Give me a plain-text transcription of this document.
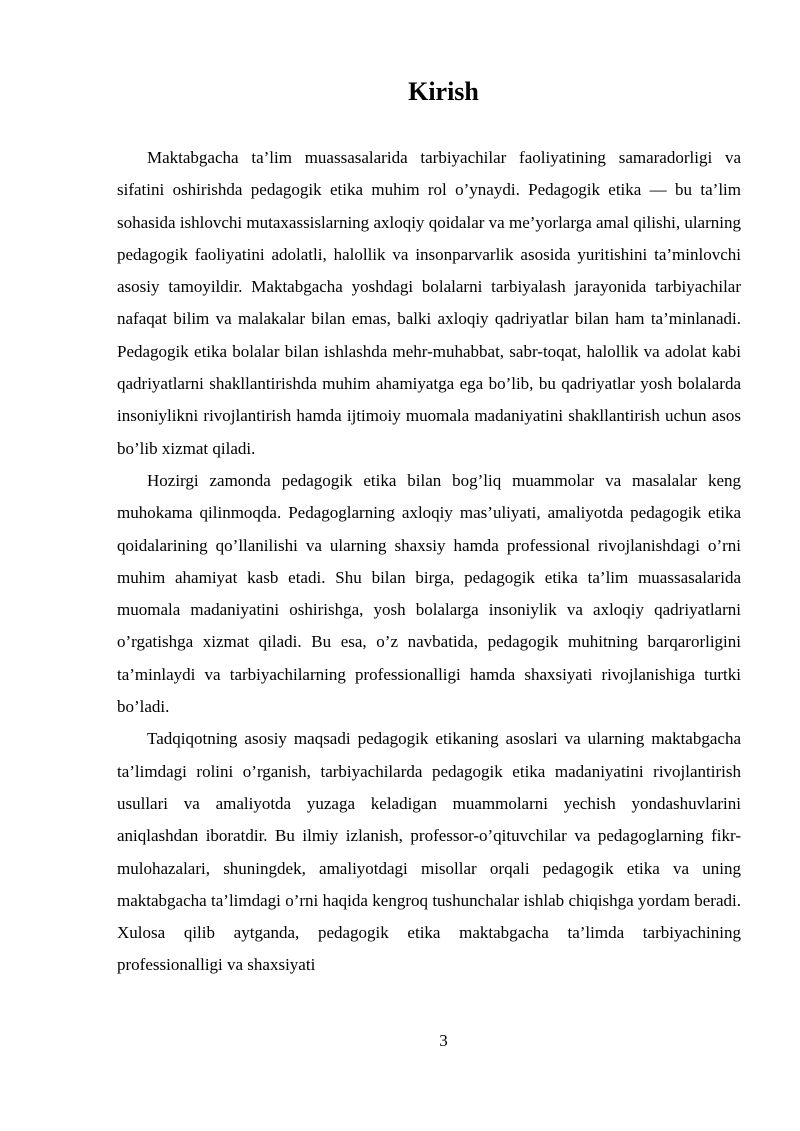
Kirish

Maktabgacha ta’lim muassasalarida tarbiyachilar faoliyatining samaradorligi va sifatini oshirishda pedagogik etika muhim rol o’ynaydi. Pedagogik etika — bu ta’lim sohasida ishlovchi mutaxassislarning axloqiy qoidalar va me’yorlarga amal qilishi, ularning pedagogik faoliyatini adolatli, halollik va insonparvarlik asosida yuritishini ta’minlovchi asosiy tamoyildir. Maktabgacha yoshdagi bolalarni tarbiyalash jarayonida tarbiyachilar nafaqat bilim va malakalar bilan emas, balki axloqiy qadriyatlar bilan ham ta’minlanadi. Pedagogik etika bolalar bilan ishlashda mehr-muhabbat, sabr-toqat, halollik va adolat kabi qadriyatlarni shakllantirishda muhim ahamiyatga ega bo’lib, bu qadriyatlar yosh bolalarda insoniylikni rivojlantirish hamda ijtimoiy muomala madaniyatini shakllantirish uchun asos bo’lib xizmat qiladi.

Hozirgi zamonda pedagogik etika bilan bog’liq muammolar va masalalar keng muhokama qilinmoqda. Pedagoglarning axloqiy mas’uliyati, amaliyotda pedagogik etika qoidalarining qo’llanilishi va ularning shaxsiy hamda professional rivojlanishdagi o’rni muhim ahamiyat kasb etadi. Shu bilan birga, pedagogik etika ta’lim muassasalarida muomala madaniyatini oshirishga, yosh bolalarga insoniylik va axloqiy qadriyatlarni o’rgatishga xizmat qiladi. Bu esa, o’z navbatida, pedagogik muhitning barqarorligini ta’minlaydi va tarbiyachilarning professionalligi hamda shaxsiyati rivojlanishiga turtki bo’ladi.

Tadqiqotning asosiy maqsadi pedagogik etikaning asoslari va ularning maktabgacha ta’limdagi rolini o’rganish, tarbiyachilarda pedagogik etika madaniyatini rivojlantirish usullari va amaliyotda yuzaga keladigan muammolarni yechish yondashuvlarini aniqlashdan iboratdir. Bu ilmiy izlanish, professor-o’qituvchilar va pedagoglarning fikr-mulohazalari, shuningdek, amaliyotdagi misollar orqali pedagogik etika va uning maktabgacha ta’limdagi o’rni haqida kengroq tushunchalar ishlab chiqishga yordam beradi. Xulosa qilib aytganda, pedagogik etika maktabgacha ta’limda tarbiyachining professionalligi va shaxsiyati

3
